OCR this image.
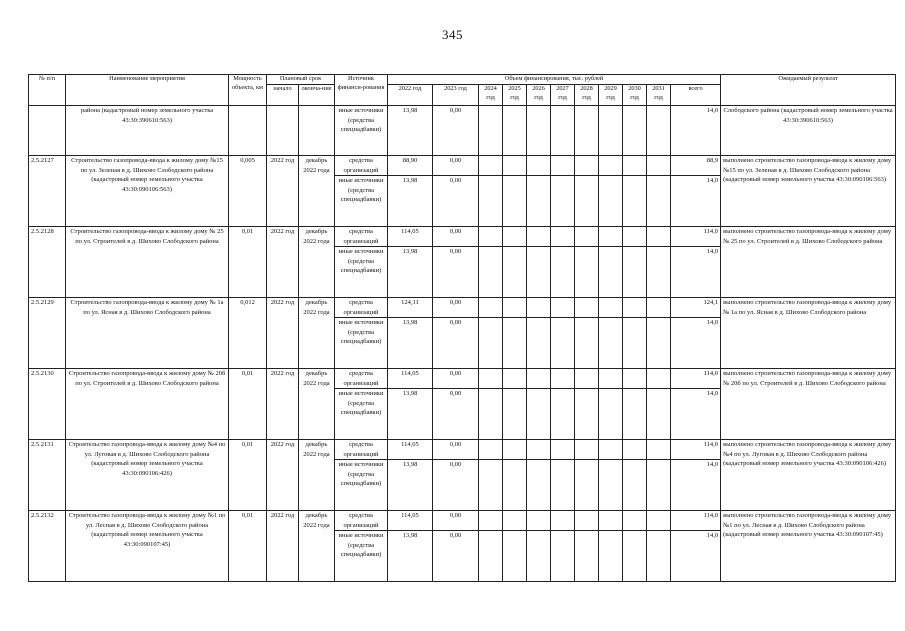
345
№ п/п	Наименование мероприятия	Мощность объекта, км	Плановый срок		Источник финанси-рования	Объем финансирования, тыс. рублей											Ожидаемый результат
			начало	оконча-ние		2022 год	2023 год	2024 год	2025 год	2026 год	2027 год	2028 год	2029 год	2030 год	2031 год	всего	
	района (кадастровый номер земельного участка 43:30:390610:563)				иные источники (средства спецнадбавки)	13,98	0,00									14,0	Слободского района (кадастровый номер земельного участка 43:30:390610:563)
2.5.2127	Строительство газопровода-ввода к жилому дому №15 по ул. Зеленая в д. Шихово Слободского района (кадастровый номер земельного участка 43:30:090106:563)	0,005	2022 год	декабрь 2022 года	средства организаций	88,90	0,00									88,9	выполнено строительство газопровода-ввода к жилому дому №15 по ул. Зеленая в д. Шихово Слободского района (кадастровый номер земельного участка 43:30:090106:563)
					иные источники (средства спецнадбавки)	13,98	0,00									14,0	
2.5.2128	Строительство газопровода-ввода к жилому дому № 25 по ул. Строителей в д. Шихово Слободского района	0,01	2022 год	декабрь 2022 года	средства организаций	114,05	0,00									114,0	выполнено строительство газопровода-ввода к жилому дому № 25 по ул. Строителей в д. Шихово Слободского района
					иные источники (средства спецнадбавки)	13,98	0,00									14,0	
2.5.2129	Строительство газопровода-ввода к жилому дому № 1а по ул. Ясная в д. Шихово Слободского района	0,012	2022 год	декабрь 2022 года	средства организаций	124,11	0,00									124,1	выполнено строительство газопровода-ввода к жилому дому № 1а по ул. Ясная в д. Шихово Слободского района
					иные источники (средства спецнадбавки)	13,98	0,00									14,0	
2.5.2130	Строительство газопровода-ввода к жилому дому № 20б по ул. Строителей в д. Шихово Слободского района	0,01	2022 год	декабрь 2022 года	средства организаций	114,05	0,00									114,0	выполнено строительство газопровода-ввода к жилому дому № 20б по ул. Строителей в д. Шихово Слободского района
					иные источники (средства спецнадбавки)	13,98	0,00									14,0	
2.5.2131	Строительство газопровода-ввода к жилому дому №4 по ул. Луговая в д. Шихово Слободского района (кадастровый номер земельного участка 43:30:090106:426)	0,01	2022 год	декабрь 2022 года	средства организаций	114,05	0,00									114,0	выполнено строительство газопровода-ввода к жилому дому №4 по ул. Луговая в д. Шихово Слободского района (кадастровый номер земельного участка 43:30:090106:426)
					иные источники (средства спецнадбавки)	13,98	0,00									14,0	
2.5.2132	Строительство газопровода-ввода к жилому дому №1 по ул. Лесная в д. Шихово Слободского района (кадастровый номер земельного участка 43:30:090107:45)	0,01	2022 год	декабрь 2022 года	средства организаций	114,05	0,00									114,0	выполнено строительство газопровода-ввода к жилому дому №1 по ул. Лесная в д. Шихово Слободского района (кадастровый номер земельного участка 43:30:090107:45)
					иные источники (средства спецнадбавки)	13,98	0,00									14,0	
